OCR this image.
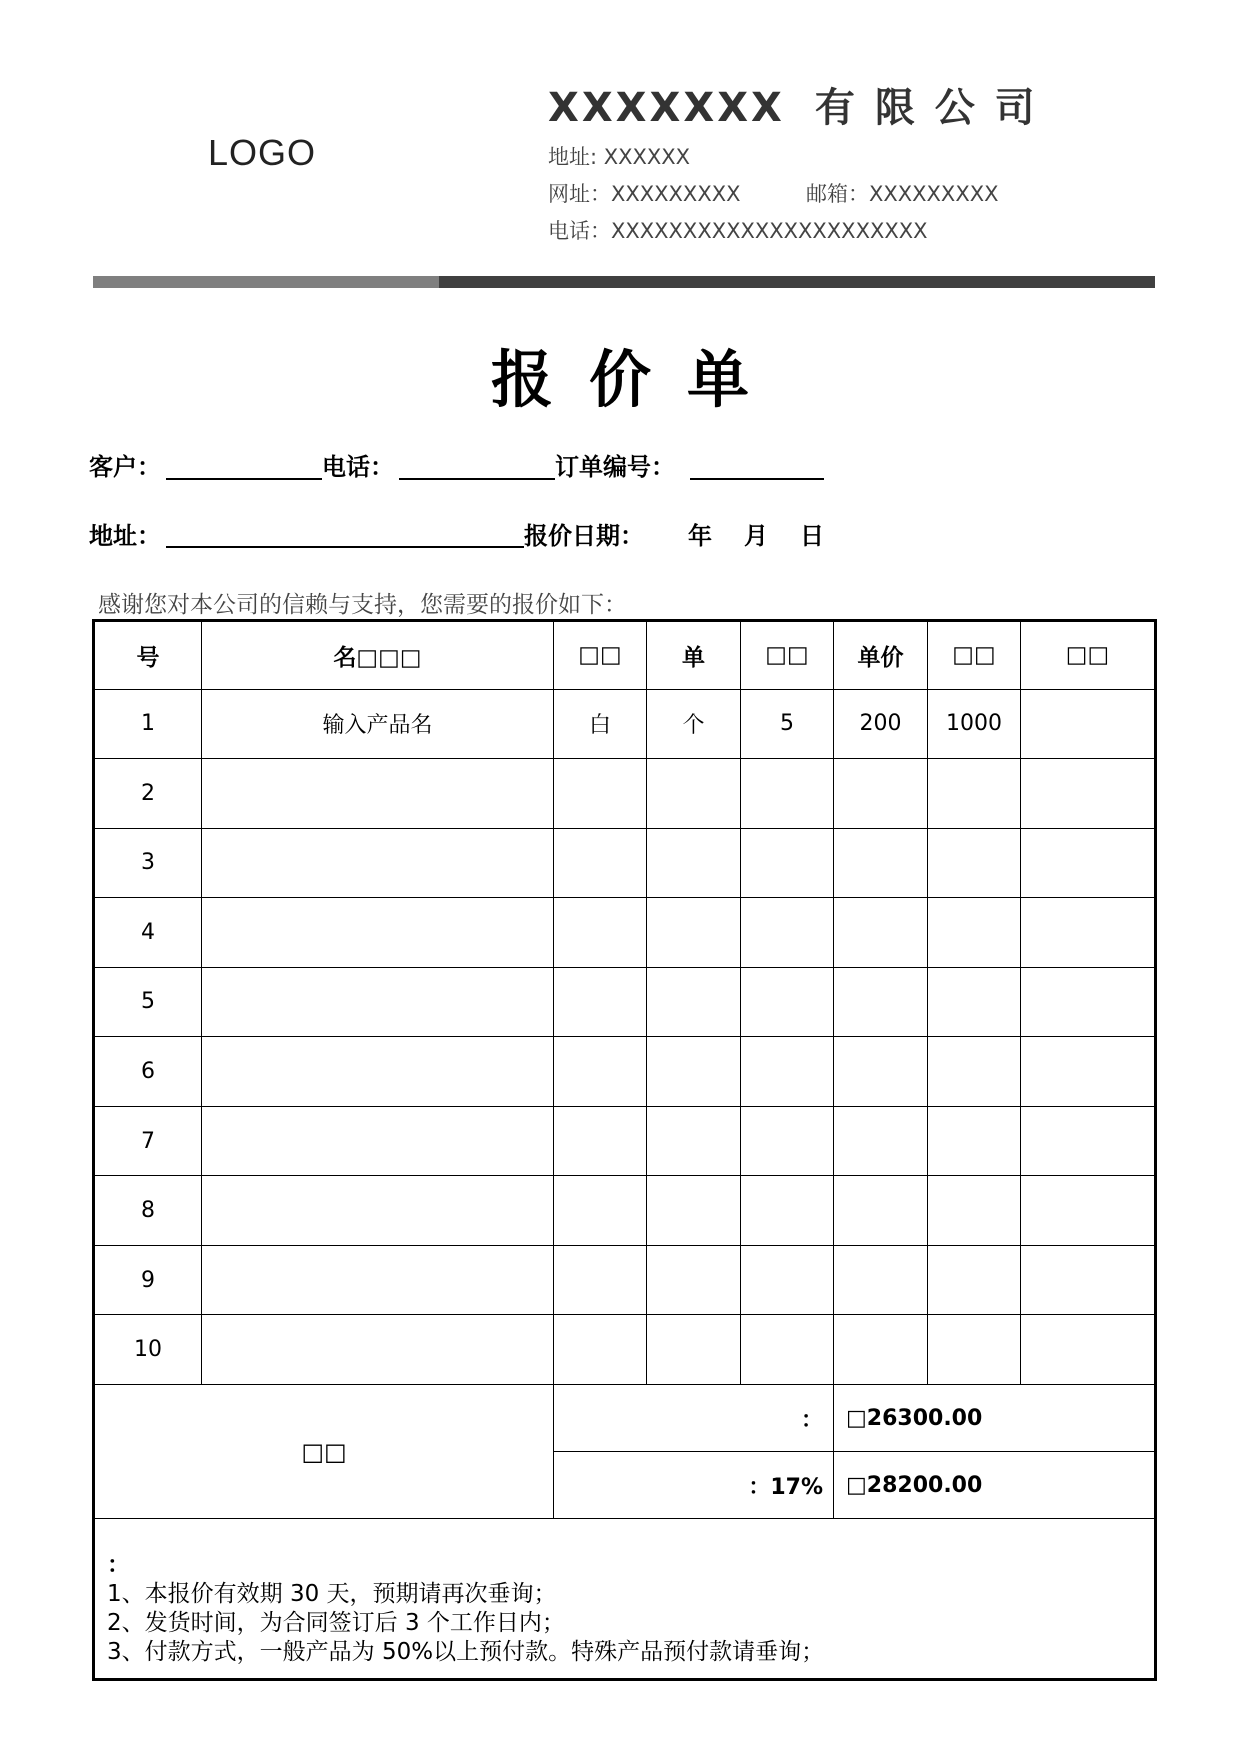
LOGO
XXXXXXX 有 限 公 司
地址: XXXXXX
网址：XXXXXXXXX	邮箱：XXXXXXXXX
电话：XXXXXXXXXXXXXXXXXXXXXX
报价单
客户：	电话：	订单编号：
地址：	报价日期： 年 月 日
感谢您对本公司的信赖与支持，您需要的报价如下：
号	名□□□	□□	单	□□	单价	□□	□□
1	输入产品名	白	个	5	200	1000	
2							
3							
4							
5							
6							
7							
8							
9							
10							
□□		：			□26300.00		
		：17%			□28200.00		

：
1、本报价有效期 30 天，预期请再次垂询；
2、发货时间，为合同签订后 3 个工作日内；
3、付款方式，一般产品为 50%以上预付款。特殊产品预付款请垂询；							
